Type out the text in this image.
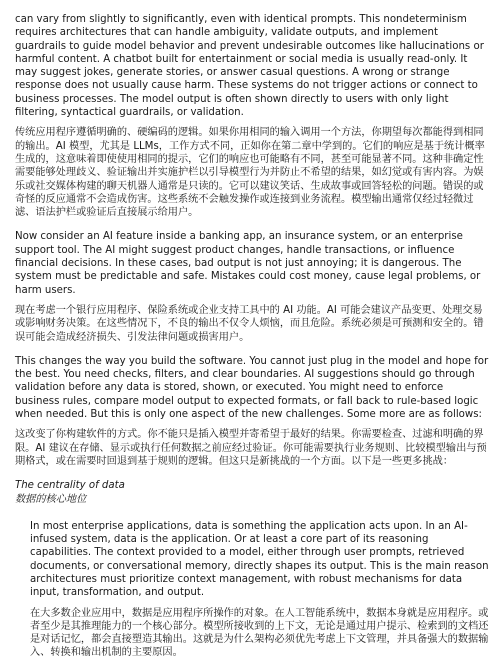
can vary from slightly to significantly, even with identical prompts. This nondeterminism requires architectures that can handle ambiguity, validate outputs, and implement guardrails to guide model behavior and prevent undesirable outcomes like hallucinations or harmful content. A chatbot built for entertainment or social media is usually read-only. It may suggest jokes, generate stories, or answer casual questions. A wrong or strange response does not usually cause harm. These systems do not trigger actions or connect to business processes. The model output is often shown directly to users with only light filtering, syntactical guardrails, or validation.

传统应用程序遵循明确的、硬编码的逻辑。如果你用相同的输入调用一个方法，你期望每次都能得到相同的输出。AI 模型，尤其是 LLMs，工作方式不同，正如你在第二章中学到的。它们的响应是基于统计概率生成的，这意味着即使使用相同的提示，它们的响应也可能略有不同，甚至可能显著不同。这种非确定性需要能够处理歧义、验证输出并实施护栏以引导模型行为并防止不希望的结果，如幻觉或有害内容。为娱乐或社交媒体构建的聊天机器人通常是只读的。它可以建议笑话、生成故事或回答轻松的问题。错误的或奇怪的反应通常不会造成伤害。这些系统不会触发操作或连接到业务流程。模型输出通常仅经过轻微过滤、语法护栏或验证后直接展示给用户。

Now consider an AI feature inside a banking app, an insurance system, or an enterprise support tool. The AI might suggest product changes, handle transactions, or influence financial decisions. In these cases, bad output is not just annoying; it is dangerous. The system must be predictable and safe. Mistakes could cost money, cause legal problems, or harm users.

现在考虑一个银行应用程序、保险系统或企业支持工具中的 AI 功能。AI 可能会建议产品变更、处理交易或影响财务决策。在这些情况下，不良的输出不仅令人烦恼，而且危险。系统必须是可预测和安全的。错误可能会造成经济损失、引发法律问题或损害用户。

This changes the way you build the software. You cannot just plug in the model and hope for the best. You need checks, filters, and clear boundaries. AI suggestions should go through validation before any data is stored, shown, or executed. You might need to enforce business rules, compare model output to expected formats, or fall back to rule-based logic when needed. But this is only one aspect of the new challenges. Some more are as follows:

这改变了你构建软件的方式。你不能只是插入模型并寄希望于最好的结果。你需要检查、过滤和明确的界限。AI 建议在存储、显示或执行任何数据之前应经过验证。你可能需要执行业务规则、比较模型输出与预期格式，或在需要时回退到基于规则的逻辑。但这只是新挑战的一个方面。以下是一些更多挑战：

The centrality of data

数据的核心地位

In most enterprise applications, data is something the application acts upon. In an AI-infused system, data is the application. Or at least a core part of its reasoning capabilities. The context provided to a model, either through user prompts, retrieved documents, or conversational memory, directly shapes its output. This is the main reason architectures must prioritize context management, with robust mechanisms for data input, transformation, and output.

在大多数企业应用中，数据是应用程序所操作的对象。在人工智能系统中，数据本身就是应用程序。或者至少是其推理能力的一个核心部分。模型所接收到的上下文，无论是通过用户提示、检索到的文档还是对话记忆，都会直接塑造其输出。这就是为什么架构必须优先考虑上下文管理，并具备强大的数据输入、转换和输出机制的主要原因。
